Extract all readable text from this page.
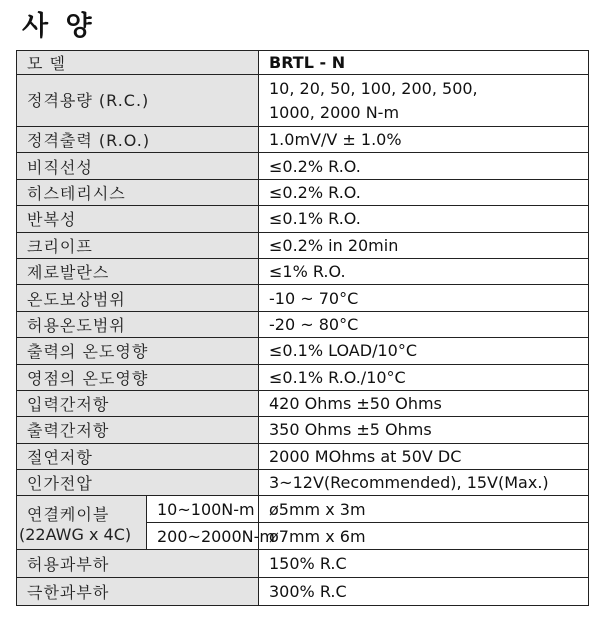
사 양
모 델		BRTL - N
정격용량 (R.C.)		10, 20, 50, 100, 200, 500,
1000, 2000 N-m
정격출력 (R.O.)		1.0mV/V ± 1.0%
비직선성		≤0.2% R.O.
히스테리시스		≤0.2% R.O.
반복성		≤0.1% R.O.
크리이프		≤0.2% in 20min
제로발란스		≤1% R.O.
온도보상범위		-10 ~ 70°C
허용온도범위		-20 ~ 80°C
출력의 온도영향		≤0.1% LOAD/10°C
영점의 온도영향		≤0.1% R.O./10°C
입력간저항		420 Ohms ±50 Ohms
출력간저항		350 Ohms ±5 Ohms
절연저항		2000 MOhms at 50V DC
인가전압		3~12V(Recommended), 15V(Max.)

연결케이블
(22AWG x 4C)	10~100N-m	ø5mm x 3m
	200~2000N-m	ø7mm x 6m
허용과부하		150% R.C
극한과부하		300% R.C
